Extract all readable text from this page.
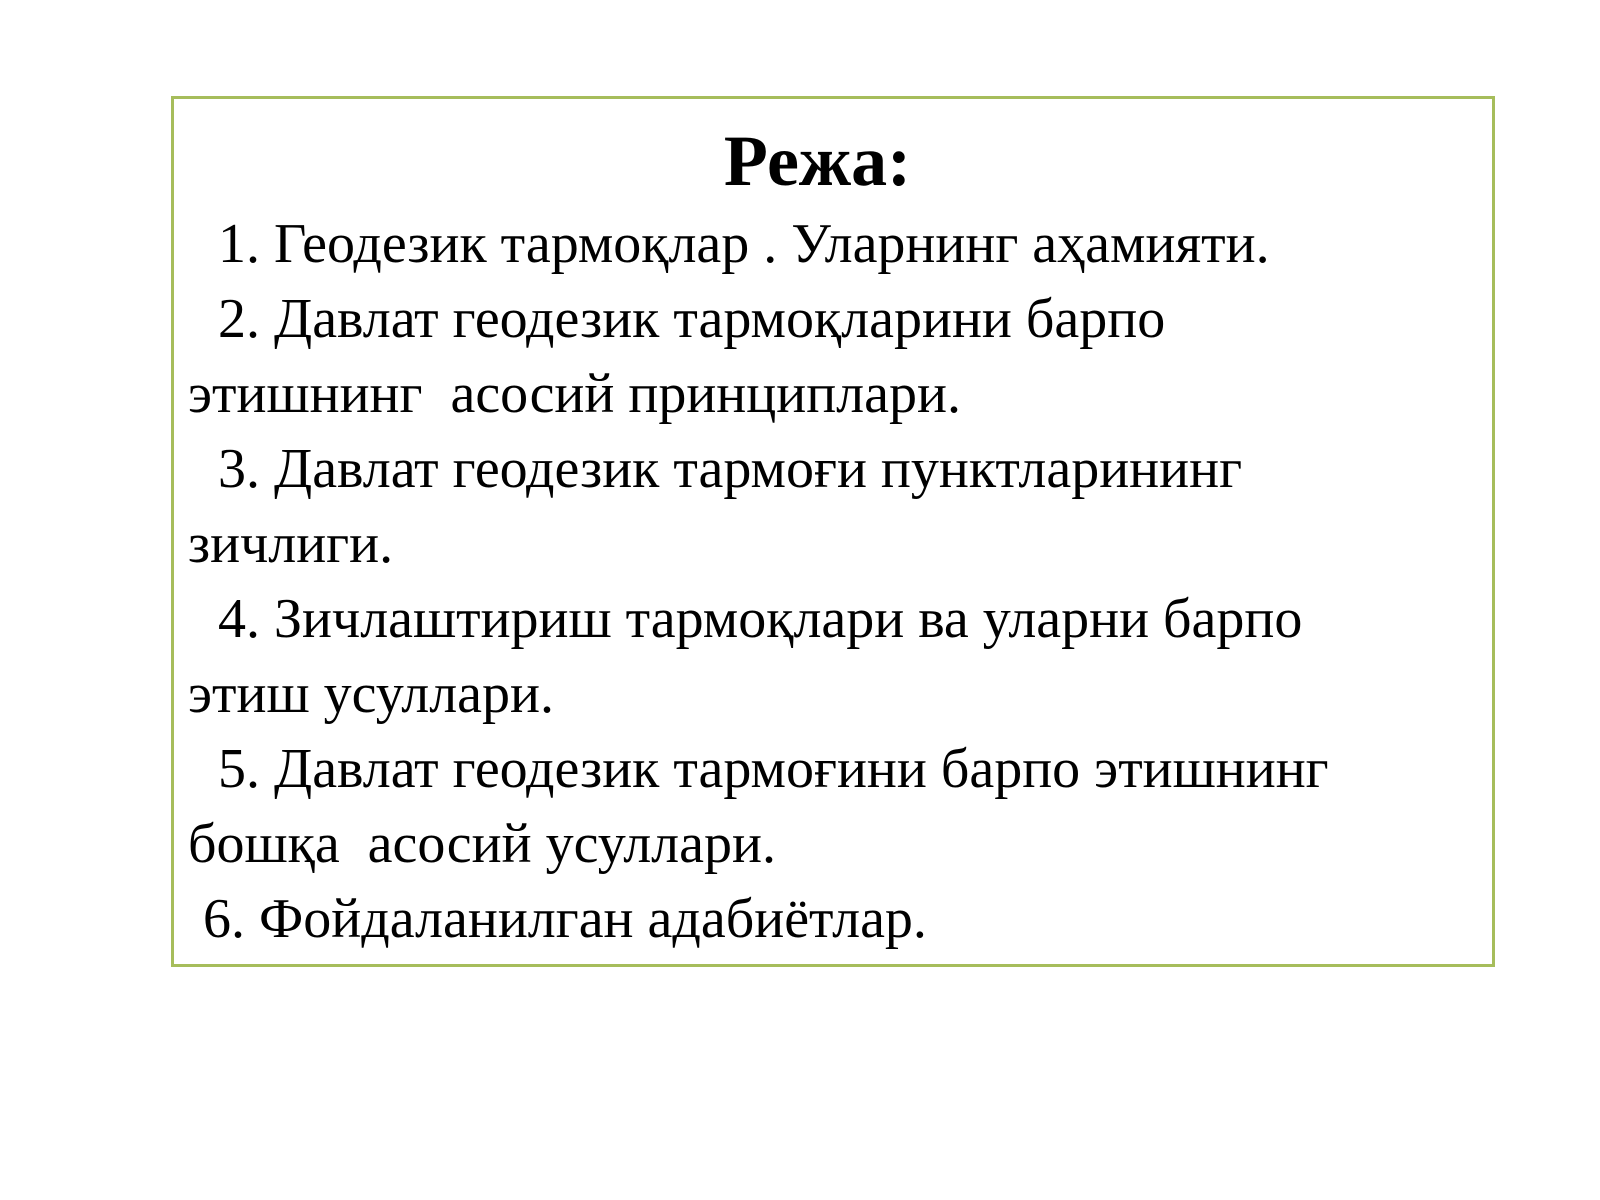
Режа:
1. Геодезик тармоқлар . Уларнинг аҳамияти.
2. Давлат геодезик тармоқларини барпо
этишнинг  асосий принциплари.
3. Давлат геодезик тармоғи пунктларининг
зичлиги.
4. Зичлаштириш тармоқлари ва уларни барпо
этиш усуллари.
5. Давлат геодезик тармоғини барпо этишнинг
бошқа  асосий усуллари.
6. Фойдаланилган адабиётлар.
